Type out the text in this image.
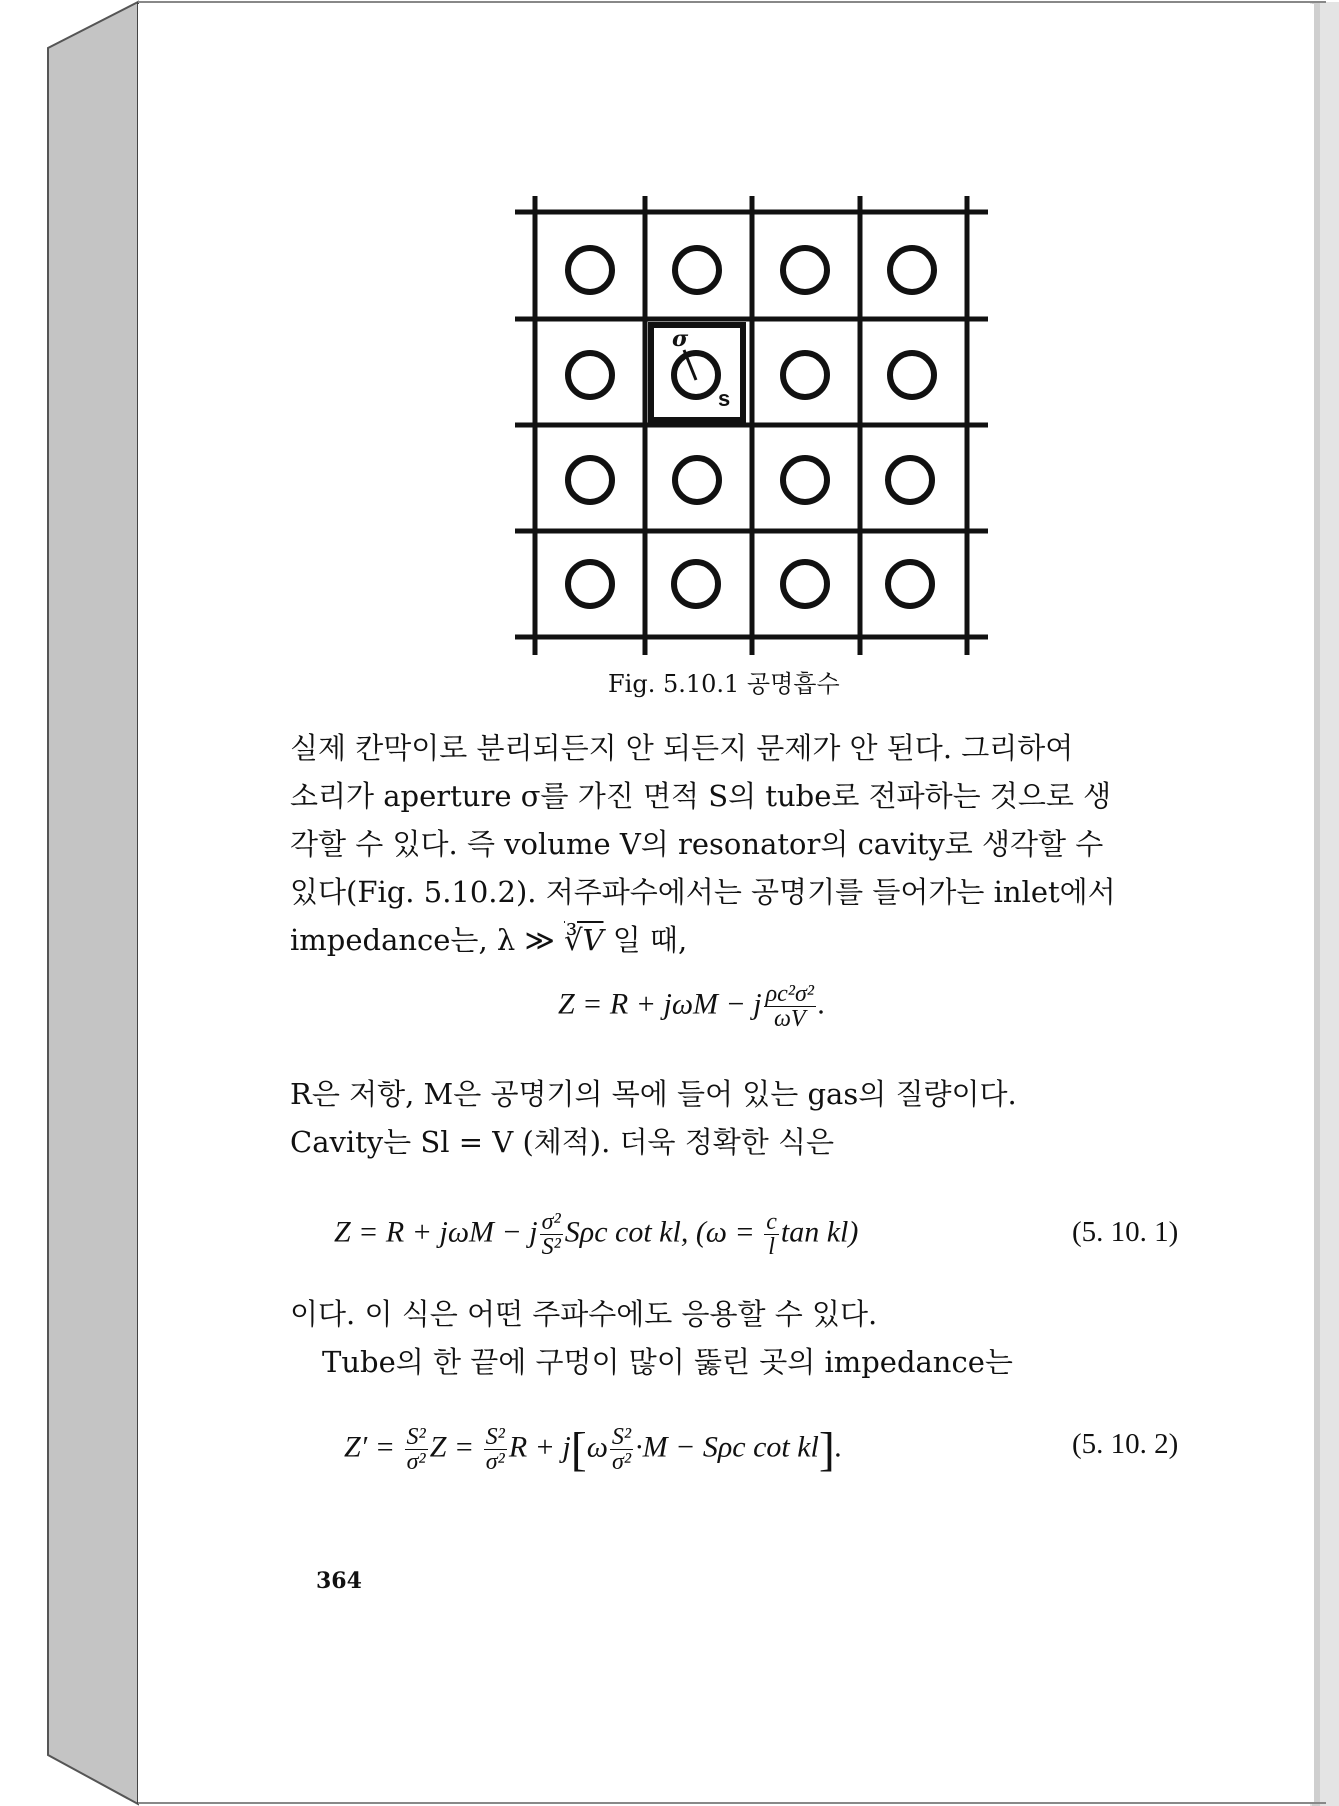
σ
s
Fig. 5.10.1 공명흡수
실제 칸막이로 분리되든지 안 되든지 문제가 안 된다. 그리하여
소리가 aperture σ를 가진 면적 S의 tube로 전파하는 것으로 생
각할 수 있다. 즉 volume V의 resonator의 cavity로 생각할 수
있다(Fig. 5.10.2). 저주파수에서는 공명기를 들어가는 inlet에서
impedance는, λ ≫ ∛V 일 때,
Z = R + jωM − j $\frac{\text{ρc²σ²}}{\omega V}$ .
R은 저항, M은 공명기의 목에 들어 있는 gas의 질량이다.
Cavity는 Sl = V (체적). 더욱 정확한 식은
Z = R + jωM − j $\frac{\text{σ²}}{\text{S²}}$ Sρc cot kl, ($\omega = \frac{c}{l}$ tan kl)	(5. 10. 1)
이다. 이 식은 어떤 주파수에도 응용할 수 있다.
Tube의 한 끝에 구멍이 많이 뚫린 곳의 impedance는
$Z' = \frac{\text{S²}}{\text{σ²}}$ $Z = \frac{\text{S²}}{\text{σ²}}$ $R + j[\omega \frac{\text{S²}}{\text{σ²}} \cdot M - S\rho c$ cot kl].	(5. 10. 2)
364
